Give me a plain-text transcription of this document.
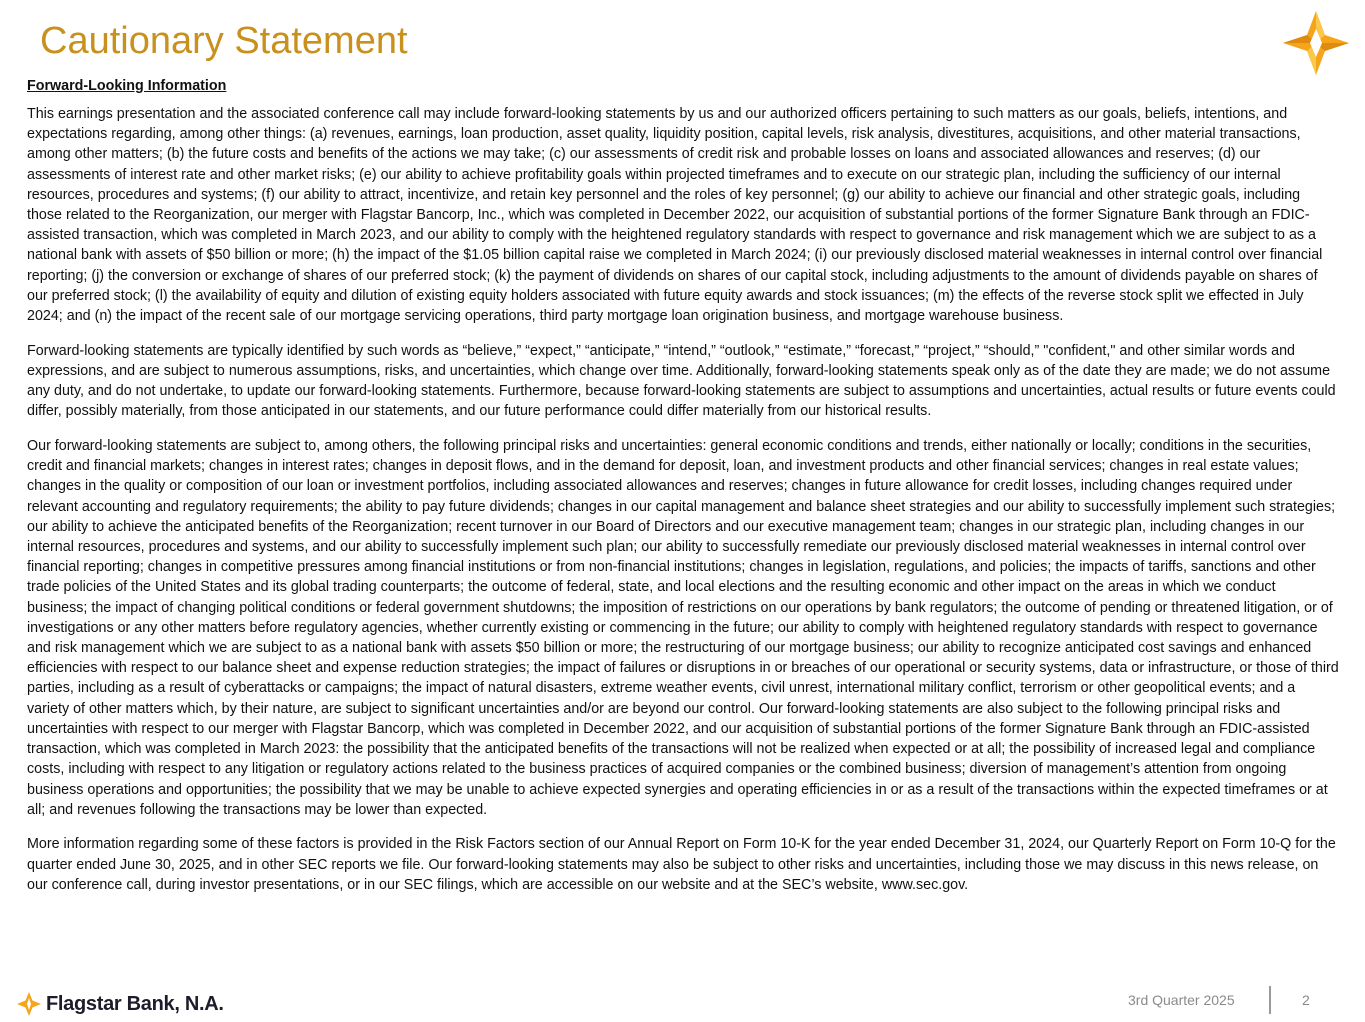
Cautionary Statement
Forward-Looking Information

This earnings presentation and the associated conference call may include forward-looking statements by us and our authorized officers pertaining to such matters as our goals, beliefs, intentions, and expectations regarding, among other things: (a) revenues, earnings, loan production, asset quality, liquidity position, capital levels, risk analysis, divestitures, acquisitions, and other material transactions, among other matters; (b) the future costs and benefits of the actions we may take; (c) our assessments of credit risk and probable losses on loans and associated allowances and reserves; (d) our assessments of interest rate and other market risks; (e) our ability to achieve profitability goals within projected timeframes and to execute on our strategic plan, including the sufficiency of our internal resources, procedures and systems; (f) our ability to attract, incentivize, and retain key personnel and the roles of key personnel; (g) our ability to achieve our financial and other strategic goals, including those related to the Reorganization, our merger with Flagstar Bancorp, Inc., which was completed in December 2022, our acquisition of substantial portions of the former Signature Bank through an FDIC-assisted transaction, which was completed in March 2023, and our ability to comply with the heightened regulatory standards with respect to governance and risk management which we are subject to as a national bank with assets of $50 billion or more; (h) the impact of the $1.05 billion capital raise we completed in March 2024; (i) our previously disclosed material weaknesses in internal control over financial reporting; (j) the conversion or exchange of shares of our preferred stock; (k) the payment of dividends on shares of our capital stock, including adjustments to the amount of dividends payable on shares of our preferred stock; (l) the availability of equity and dilution of existing equity holders associated with future equity awards and stock issuances; (m) the effects of the reverse stock split we effected in July 2024; and (n) the impact of the recent sale of our mortgage servicing operations, third party mortgage loan origination business, and mortgage warehouse business.

Forward-looking statements are typically identified by such words as “believe,” “expect,” “anticipate,” “intend,” “outlook,” “estimate,” “forecast,” “project,” “should,” "confident," and other similar words and expressions, and are subject to numerous assumptions, risks, and uncertainties, which change over time. Additionally, forward-looking statements speak only as of the date they are made; we do not assume any duty, and do not undertake, to update our forward-looking statements. Furthermore, because forward-looking statements are subject to assumptions and uncertainties, actual results or future events could differ, possibly materially, from those anticipated in our statements, and our future performance could differ materially from our historical results.

Our forward-looking statements are subject to, among others, the following principal risks and uncertainties: general economic conditions and trends, either nationally or locally; conditions in the securities, credit and financial markets; changes in interest rates; changes in deposit flows, and in the demand for deposit, loan, and investment products and other financial services; changes in real estate values; changes in the quality or composition of our loan or investment portfolios, including associated allowances and reserves; changes in future allowance for credit losses, including changes required under relevant accounting and regulatory requirements; the ability to pay future dividends; changes in our capital management and balance sheet strategies and our ability to successfully implement such strategies; our ability to achieve the anticipated benefits of the Reorganization; recent turnover in our Board of Directors and our executive management team; changes in our strategic plan, including changes in our internal resources, procedures and systems, and our ability to successfully implement such plan; our ability to successfully remediate our previously disclosed material weaknesses in internal control over financial reporting; changes in competitive pressures among financial institutions or from non-financial institutions; changes in legislation, regulations, and policies; the impacts of tariffs, sanctions and other trade policies of the United States and its global trading counterparts; the outcome of federal, state, and local elections and the resulting economic and other impact on the areas in which we conduct business; the impact of changing political conditions or federal government shutdowns; the imposition of restrictions on our operations by bank regulators; the outcome of pending or threatened litigation, or of investigations or any other matters before regulatory agencies, whether currently existing or commencing in the future; our ability to comply with heightened regulatory standards with respect to governance and risk management which we are subject to as a national bank with assets $50 billion or more; the restructuring of our mortgage business; our ability to recognize anticipated cost savings and enhanced efficiencies with respect to our balance sheet and expense reduction strategies; the impact of failures or disruptions in or breaches of our operational or security systems, data or infrastructure, or those of third parties, including as a result of cyberattacks or campaigns; the impact of natural disasters, extreme weather events, civil unrest, international military conflict, terrorism or other geopolitical events; and a variety of other matters which, by their nature, are subject to significant uncertainties and/or are beyond our control. Our forward-looking statements are also subject to the following principal risks and uncertainties with respect to our merger with Flagstar Bancorp, which was completed in December 2022, and our acquisition of substantial portions of the former Signature Bank through an FDIC-assisted transaction, which was completed in March 2023: the possibility that the anticipated benefits of the transactions will not be realized when expected or at all; the possibility of increased legal and compliance costs, including with respect to any litigation or regulatory actions related to the business practices of acquired companies or the combined business; diversion of management’s attention from ongoing business operations and opportunities; the possibility that we may be unable to achieve expected synergies and operating efficiencies in or as a result of the transactions within the expected timeframes or at all; and revenues following the transactions may be lower than expected.

More information regarding some of these factors is provided in the Risk Factors section of our Annual Report on Form 10-K for the year ended December 31, 2024, our Quarterly Report on Form 10-Q for the quarter ended June 30, 2025, and in other SEC reports we file. Our forward-looking statements may also be subject to other risks and uncertainties, including those we may discuss in this news release, on our conference call, during investor presentations, or in our SEC filings, which are accessible on our website and at the SEC’s website, www.sec.gov.

Flagstar Bank, N.A.	3rd Quarter 2025	2
